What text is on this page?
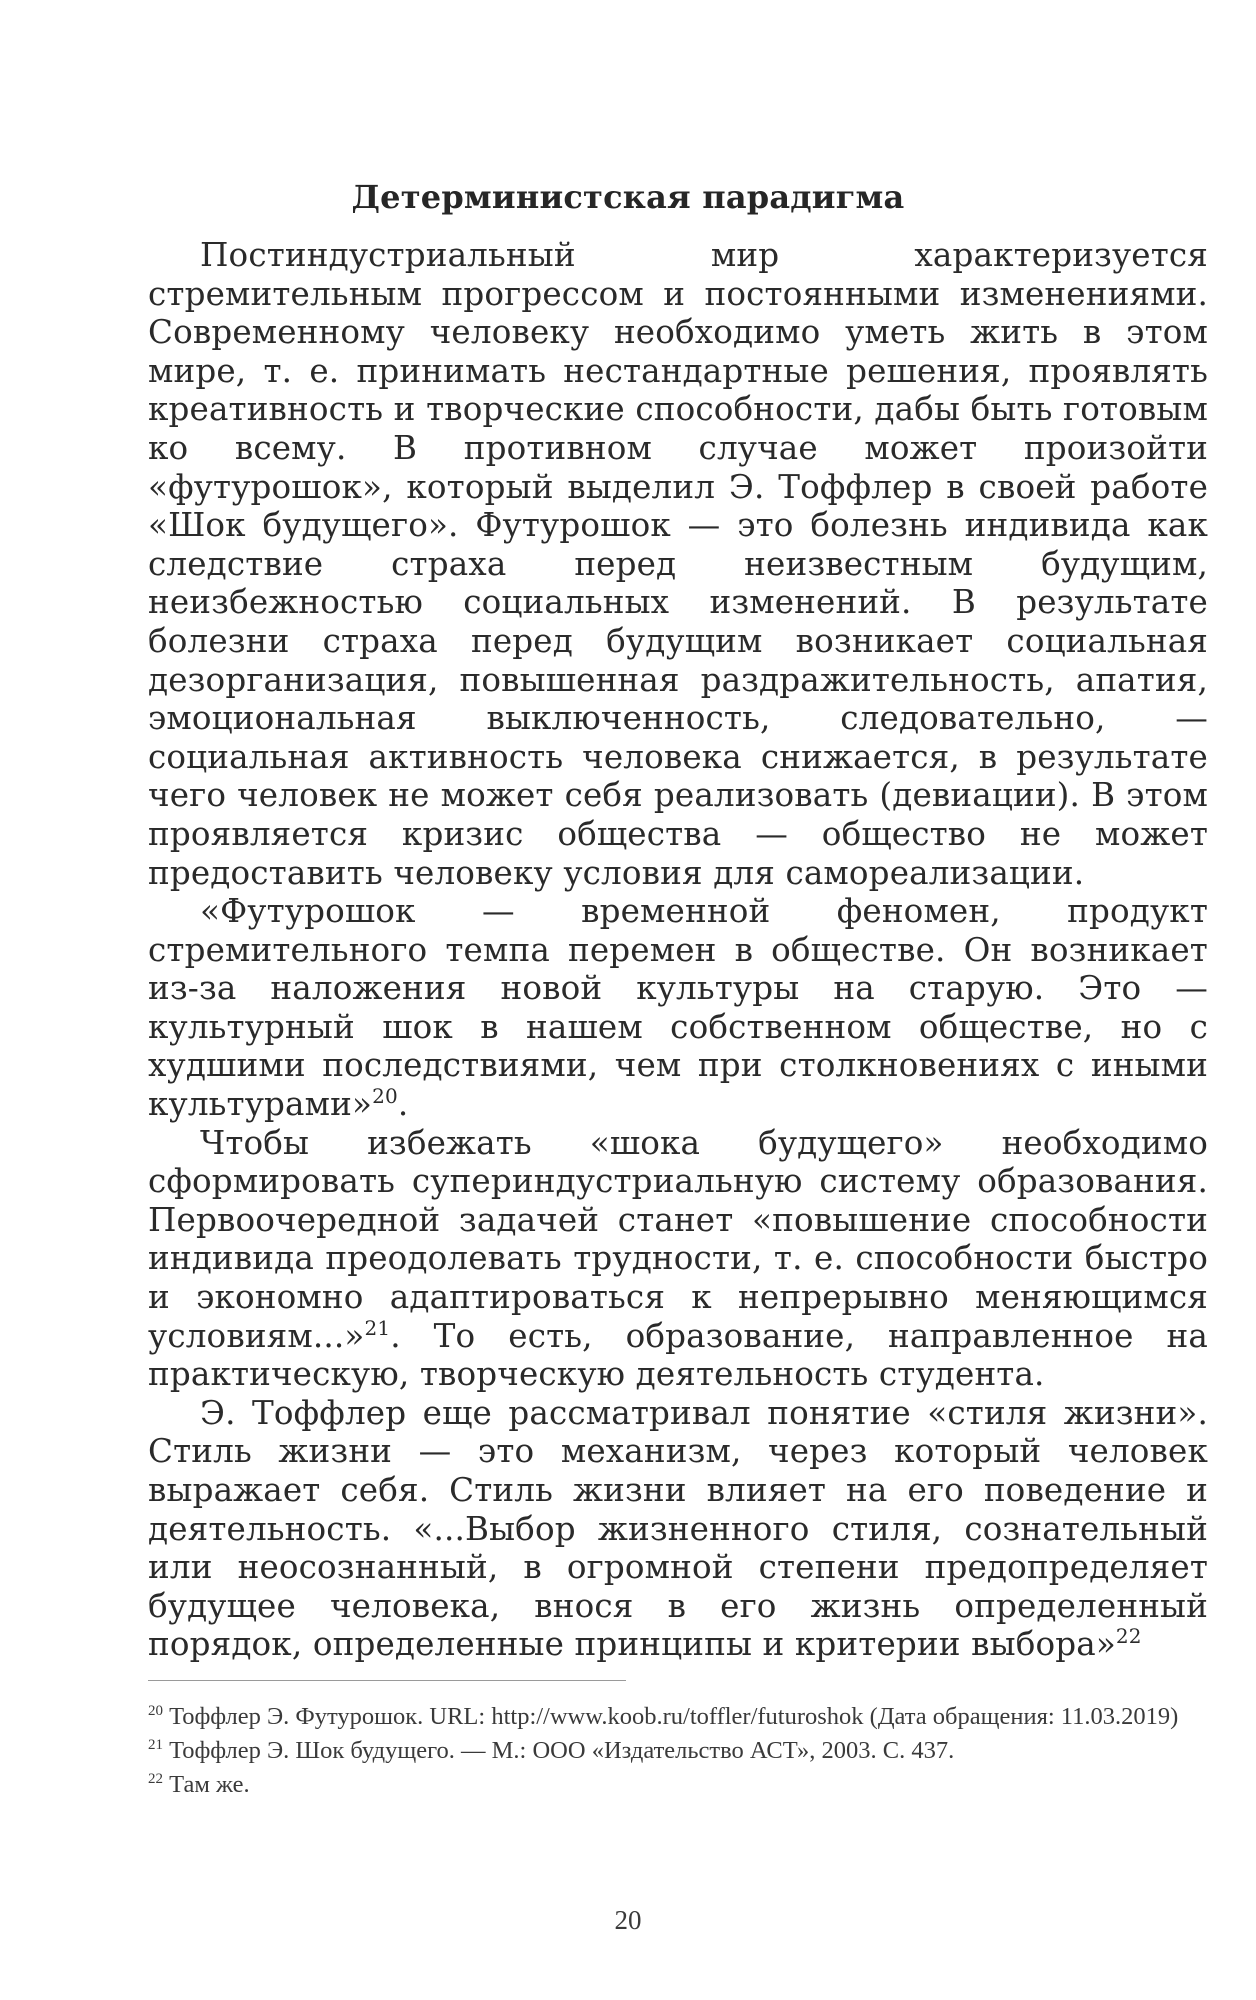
Детерминистская парадигма

Постиндустриальный мир характеризуется стремительным прогрессом и постоянными изменениями. Современному человеку необходимо уметь жить в этом мире, т. е. принимать нестандартные решения, проявлять креативность и творческие способности, дабы быть готовым ко всему. В противном случае может произойти «футурошок», который выделил Э. Тоффлер в своей работе «Шок будущего». Футурошок — это болезнь индивида как следствие страха перед неизвестным будущим, неизбежностью социальных изменений. В результате болезни страха перед будущим возникает социальная дезорганизация, повышенная раздражительность, апатия, эмоциональная выключенность, следовательно, — социальная активность человека снижается, в результате чего человек не может себя реализовать (девиации). В этом проявляется кризис общества — общество не может предоставить человеку условия для самореализации.

«Футурошок — временной феномен, продукт стремительного темпа перемен в обществе. Он возникает из-за наложения новой культуры на старую. Это — культурный шок в нашем собственном обществе, но с худшими последствиями, чем при столкновениях с иными культурами»$^{20}$.

Чтобы избежать «шока будущего» необходимо сформировать супериндустриальную систему образования. Первоочередной задачей станет «повышение способности индивида преодолевать трудности, т. е. способности быстро и экономно адаптироваться к непрерывно меняющимся условиям...»$^{21}$. То есть, образование, направленное на практическую, творческую деятельность студента.

Э. Тоффлер еще рассматривал понятие «стиля жизни». Стиль жизни — это механизм, через который человек выражает себя. Стиль жизни влияет на его поведение и деятельность. «...Выбор жизненного стиля, сознательный или неосознанный, в огромной степени предопределяет будущее человека, внося в его жизнь определенный порядок, определенные принципы и критерии выбора»$^{22}$

$^{20}$ Тоффлер Э. Футурошок. URL: http://www.koob.ru/toffler/futuroshok (Дата обращения: 11.03.2019)

$^{21}$ Тоффлер Э. Шок будущего. — М.: ООО «Издательство АСТ», 2003. С. 437.

$^{22}$ Там же.

20
